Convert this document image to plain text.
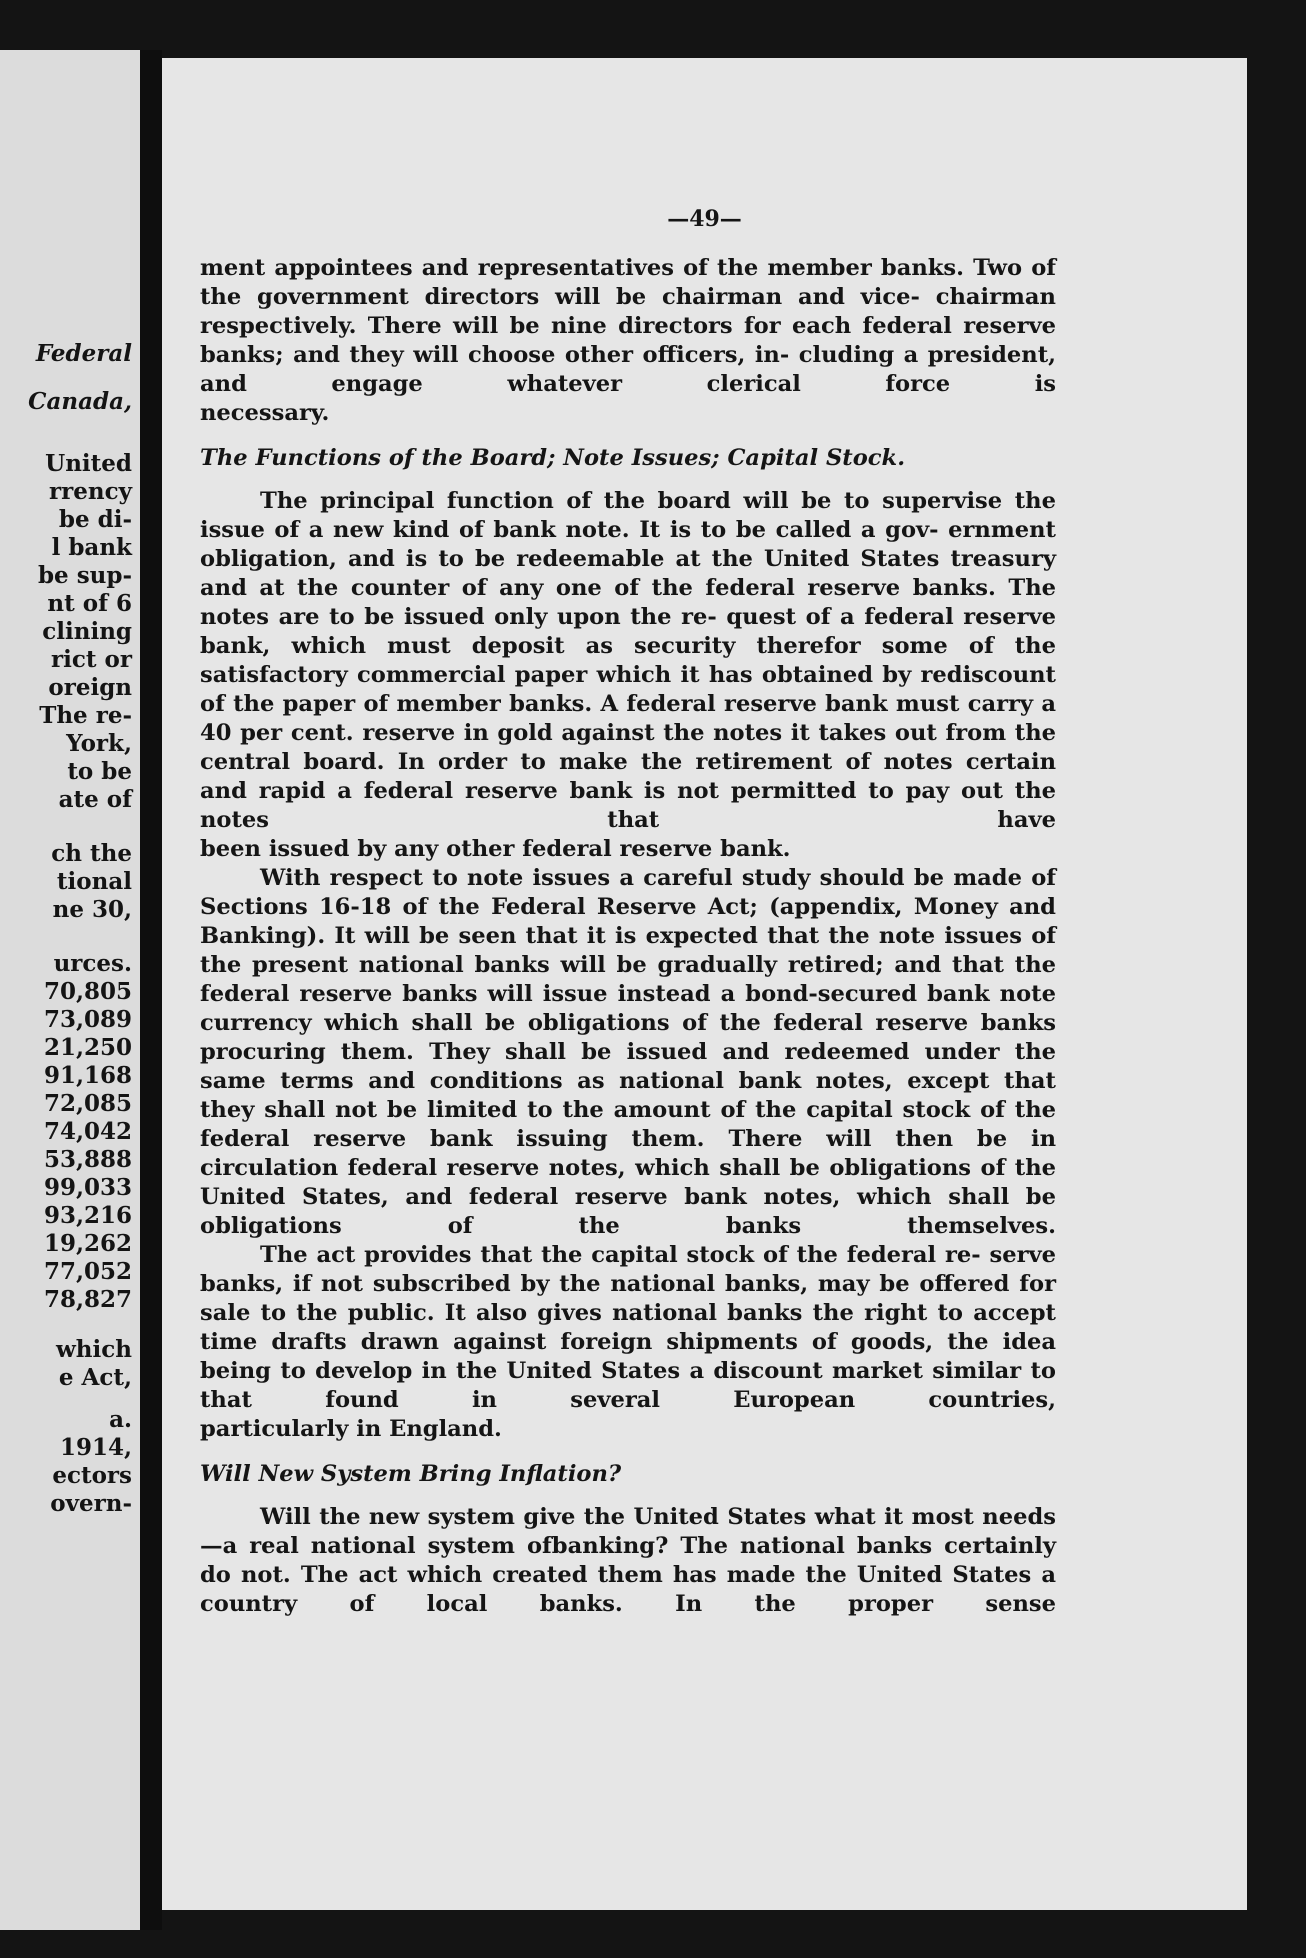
Federal
Canada,
United
rrency
be di-
l bank
be sup-
nt of 6
clining
rict or
oreign
The re-
York,
to be
ate of
ch the
tional
ne 30,
urces.
70,805
73,089
21,250
91,168
72,085
74,042
53,888
99,033
93,216
19,262
77,052
78,827
which
e Act,
a.
1914,
ectors
overn-
—49—

ment appointees and representatives of the member banks. Two of the government directors will be chairman and vice- chairman respectively. There will be nine directors for each federal reserve banks; and they will choose other officers, in- cluding a president, and engage whatever clerical force is

necessary.

The Functions of the Board; Note Issues; Capital Stock.

The principal function of the board will be to supervise the issue of a new kind of bank note. It is to be called a gov- ernment obligation, and is to be redeemable at the United States treasury and at the counter of any one of the federal reserve banks. The notes are to be issued only upon the re- quest of a federal reserve bank, which must deposit as security therefor some of the satisfactory commercial paper which it has obtained by rediscount of the paper of member banks. A federal reserve bank must carry a 40 per cent. reserve in gold against the notes it takes out from the central board. In order to make the retirement of notes certain and rapid a federal reserve bank is not permitted to pay out the notes that have

been issued by any other federal reserve bank.

With respect to note issues a careful study should be made of Sections 16-18 of the Federal Reserve Act; (appendix, Money and Banking). It will be seen that it is expected that the note issues of the present national banks will be gradually retired; and that the federal reserve banks will issue instead a bond-secured bank note currency which shall be obligations of the federal reserve banks procuring them. They shall be issued and redeemed under the same terms and conditions as national bank notes, except that they shall not be limited to the amount of the capital stock of the federal reserve bank issuing them. There will then be in circulation federal reserve notes, which shall be obligations of the United States, and federal reserve bank notes, which shall be obligations of the banks themselves.

The act provides that the capital stock of the federal re- serve banks, if not subscribed by the national banks, may be offered for sale to the public. It also gives national banks the right to accept time drafts drawn against foreign shipments of goods, the idea being to develop in the United States a discount market similar to that found in several European countries,

particularly in England.

Will New System Bring Inflation?

Will the new system give the United States what it most needs—a real national system ofbanking? The national banks certainly do not. The act which created them has made the United States a country of local banks. In the proper sense
